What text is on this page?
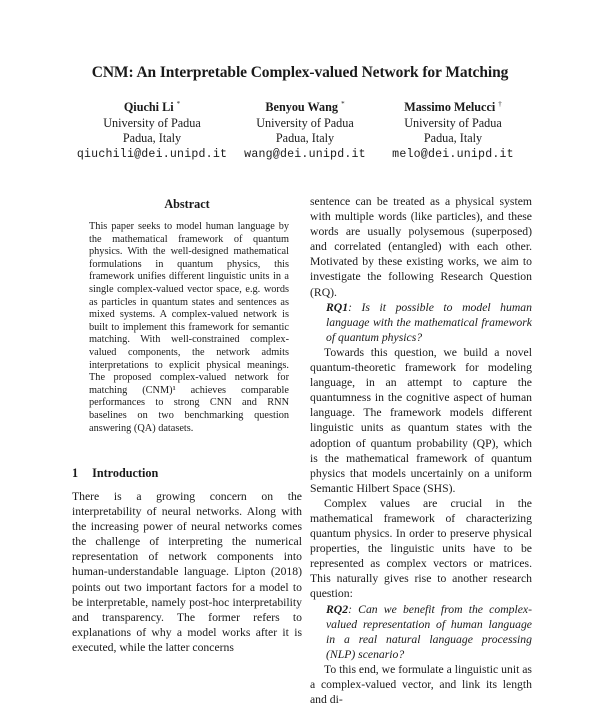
CNM: An Interpretable Complex-valued Network for Matching
Qiuchi Li *
University of Padua
Padua, Italy
qiuchili@dei.unipd.it
Benyou Wang *
University of Padua
Padua, Italy
wang@dei.unipd.it
Massimo Melucci †
University of Padua
Padua, Italy
melo@dei.unipd.it
Abstract
This paper seeks to model human language by the mathematical framework of quantum physics. With the well-designed mathematical formulations in quantum physics, this framework unifies different linguistic units in a single complex-valued vector space, e.g. words as particles in quantum states and sentences as mixed systems. A complex-valued network is built to implement this framework for semantic matching. With well-constrained complex-valued components, the network admits interpretations to explicit physical meanings. The proposed complex-valued network for matching (CNM)¹ achieves comparable performances to strong CNN and RNN baselines on two benchmarking question answering (QA) datasets.
1 Introduction
There is a growing concern on the interpretability of neural networks. Along with the increasing power of neural networks comes the challenge of interpreting the numerical representation of network components into human-understandable language. Lipton (2018) points out two important factors for a model to be interpretable, namely post-hoc interpretability and transparency. The former refers to explanations of why a model works after it is executed, while the latter concerns

sentence can be treated as a physical system with multiple words (like particles), and these words are usually polysemous (superposed) and correlated (entangled) with each other. Motivated by these existing works, we aim to investigate the following Research Question (RQ).

RQ1: Is it possible to model human language with the mathematical framework of quantum physics?

Towards this question, we build a novel quantum-theoretic framework for modeling language, in an attempt to capture the quantumness in the cognitive aspect of human language. The framework models different linguistic units as quantum states with the adoption of quantum probability (QP), which is the mathematical framework of quantum physics that models uncertainly on a uniform Semantic Hilbert Space (SHS).

Complex values are crucial in the mathematical framework of characterizing quantum physics. In order to preserve physical properties, the linguistic units have to be represented as complex vectors or matrices. This naturally gives rise to another research question:

RQ2: Can we benefit from the complex-valued representation of human language in a real natural language processing (NLP) scenario?

To this end, we formulate a linguistic unit as a complex-valued vector, and link its length and di-
